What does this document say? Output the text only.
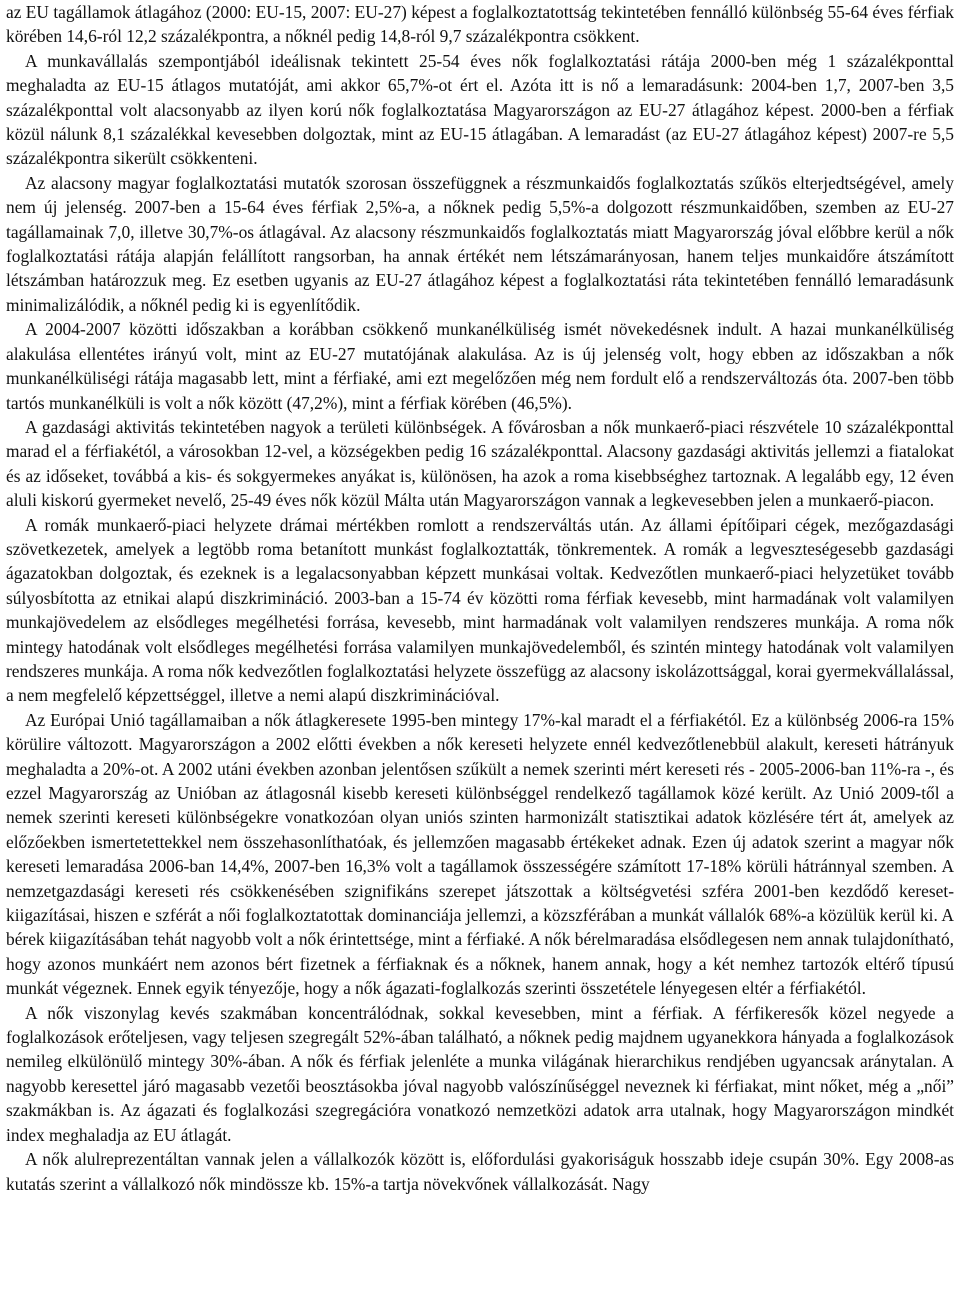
az EU tagállamok átlagához (2000: EU-15, 2007: EU-27) képest a foglalkoztatottság tekintetében fennálló különbség 55-64 éves férfiak körében 14,6-ról 12,2 százalékpontra, a nőknél pedig 14,8-ról 9,7 százalékpontra csökkent.

A munkavállalás szempontjából ideálisnak tekintett 25-54 éves nők foglalkoztatási rátája 2000-ben még 1 százalékponttal meghaladta az EU-15 átlagos mutatóját, ami akkor 65,7%-ot ért el. Azóta itt is nő a lemaradásunk: 2004-ben 1,7, 2007-ben 3,5 százalékponttal volt alacsonyabb az ilyen korú nők foglalkoztatása Magyarországon az EU-27 átlagához képest. 2000-ben a férfiak közül nálunk 8,1 százalékkal kevesebben dolgoztak, mint az EU-15 átlagában. A lemaradást (az EU-27 átlagához képest) 2007-re 5,5 százalékpontra sikerült csökkenteni.

Az alacsony magyar foglalkoztatási mutatók szorosan összefüggnek a részmunkaidős foglalkoztatás szűkös elterjedtségével, amely nem új jelenség. 2007-ben a 15-64 éves férfiak 2,5%-a, a nőknek pedig 5,5%-a dolgozott részmunkaidőben, szemben az EU-27 tagállamainak 7,0, illetve 30,7%-os átlagával. Az alacsony részmunkaidős foglalkoztatás miatt Magyarország jóval előbbre kerül a nők foglalkoztatási rátája alapján felállított rangsorban, ha annak értékét nem létszámarányosan, hanem teljes munkaidőre átszámított létszámban határozzuk meg. Ez esetben ugyanis az EU-27 átlagához képest a foglalkoztatási ráta tekintetében fennálló lemaradásunk minimalizálódik, a nőknél pedig ki is egyenlítődik.

A 2004-2007 közötti időszakban a korábban csökkenő munkanélküliség ismét növekedésnek indult. A hazai munkanélküliség alakulása ellentétes irányú volt, mint az EU-27 mutatójának alakulása. Az is új jelenség volt, hogy ebben az időszakban a nők munkanélküliségi rátája magasabb lett, mint a férfiaké, ami ezt megelőzően még nem fordult elő a rendszerváltozás óta. 2007-ben több tartós munkanélküli is volt a nők között (47,2%), mint a férfiak körében (46,5%).

A gazdasági aktivitás tekintetében nagyok a területi különbségek. A fővárosban a nők munkaerő-piaci részvétele 10 százalékponttal marad el a férfiakétól, a városokban 12-vel, a községekben pedig 16 százalékponttal. Alacsony gazdasági aktivitás jellemzi a fiatalokat és az időseket, továbbá a kis- és sokgyermekes anyákat is, különösen, ha azok a roma kisebbséghez tartoznak. A legalább egy, 12 éven aluli kiskorú gyermeket nevelő, 25-49 éves nők közül Málta után Magyarországon vannak a legkevesebben jelen a munkaerő-piacon.

A romák munkaerő-piaci helyzete drámai mértékben romlott a rendszerváltás után. Az állami építőipari cégek, mezőgazdasági szövetkezetek, amelyek a legtöbb roma betanított munkást foglalkoztatták, tönkrementek. A romák a legveszteségesebb gazdasági ágazatokban dolgoztak, és ezeknek is a legalacsonyabban képzett munkásai voltak. Kedvezőtlen munkaerő-piaci helyzetüket tovább súlyosbította az etnikai alapú diszkrimináció. 2003-ban a 15-74 év közötti roma férfiak kevesebb, mint harmadának volt valamilyen munkajövedelem az elsődleges megélhetési forrása, kevesebb, mint harmadának volt valamilyen rendszeres munkája. A roma nők mintegy hatodának volt elsődleges megélhetési forrása valamilyen munkajövedelemből, és szintén mintegy hatodának volt valamilyen rendszeres munkája. A roma nők kedvezőtlen foglalkoztatási helyzete összefügg az alacsony iskolázottsággal, korai gyermekvállalással, a nem megfelelő képzettséggel, illetve a nemi alapú diszkriminációval.

Az Európai Unió tagállamaiban a nők átlagkeresete 1995-ben mintegy 17%-kal maradt el a férfiakétól. Ez a különbség 2006-ra 15% körülire változott. Magyarországon a 2002 előtti években a nők kereseti helyzete ennél kedvezőtlenebbül alakult, kereseti hátrányuk meghaladta a 20%-ot. A 2002 utáni években azonban jelentősen szűkült a nemek szerinti mért kereseti rés - 2005-2006-ban 11%-ra -, és ezzel Magyarország az Unióban az átlagosnál kisebb kereseti különbséggel rendelkező tagállamok közé került. Az Unió 2009-től a nemek szerinti kereseti különbségekre vonatkozóan olyan uniós szinten harmonizált statisztikai adatok közlésére tért át, amelyek az előzőekben ismertetettekkel nem összehasonlíthatóak, és jellemzően magasabb értékeket adnak. Ezen új adatok szerint a magyar nők kereseti lemaradása 2006-ban 14,4%, 2007-ben 16,3% volt a tagállamok összességére számított 17-18% körüli hátránnyal szemben. A nemzetgazdasági kereseti rés csökkenésében szignifikáns szerepet játszottak a költségvetési szféra 2001-ben kezdődő kereset-kiigazításai, hiszen e szférát a női foglalkoztatottak dominanciája jellemzi, a közszférában a munkát vállalók 68%-a közülük kerül ki. A bérek kiigazításában tehát nagyobb volt a nők érintettsége, mint a férfiaké. A nők bérelmaradása elsődlegesen nem annak tulajdonítható, hogy azonos munkáért nem azonos bért fizetnek a férfiaknak és a nőknek, hanem annak, hogy a két nemhez tartozók eltérő típusú munkát végeznek. Ennek egyik tényezője, hogy a nők ágazati-foglalkozás szerinti összetétele lényegesen eltér a férfiakétól.

A nők viszonylag kevés szakmában koncentrálódnak, sokkal kevesebben, mint a férfiak. A férfikeresők közel negyede a foglalkozások erőteljesen, vagy teljesen szegregált 52%-ában található, a nőknek pedig majdnem ugyanekkora hányada a foglalkozások nemileg elkülönülő mintegy 30%-ában. A nők és férfiak jelenléte a munka világának hierarchikus rendjében ugyancsak aránytalan. A nagyobb keresettel járó magasabb vezetői beosztásokba jóval nagyobb valószínűséggel neveznek ki férfiakat, mint nőket, még a „női” szakmákban is. Az ágazati és foglalkozási szegregációra vonatkozó nemzetközi adatok arra utalnak, hogy Magyarországon mindkét index meghaladja az EU átlagát.

A nők alulreprezentáltan vannak jelen a vállalkozók között is, előfordulási gyakoriságuk hosszabb ideje csupán 30%. Egy 2008-as kutatás szerint a vállalkozó nők mindössze kb. 15%-a tartja növekvőnek vállalkozását. Nagy
